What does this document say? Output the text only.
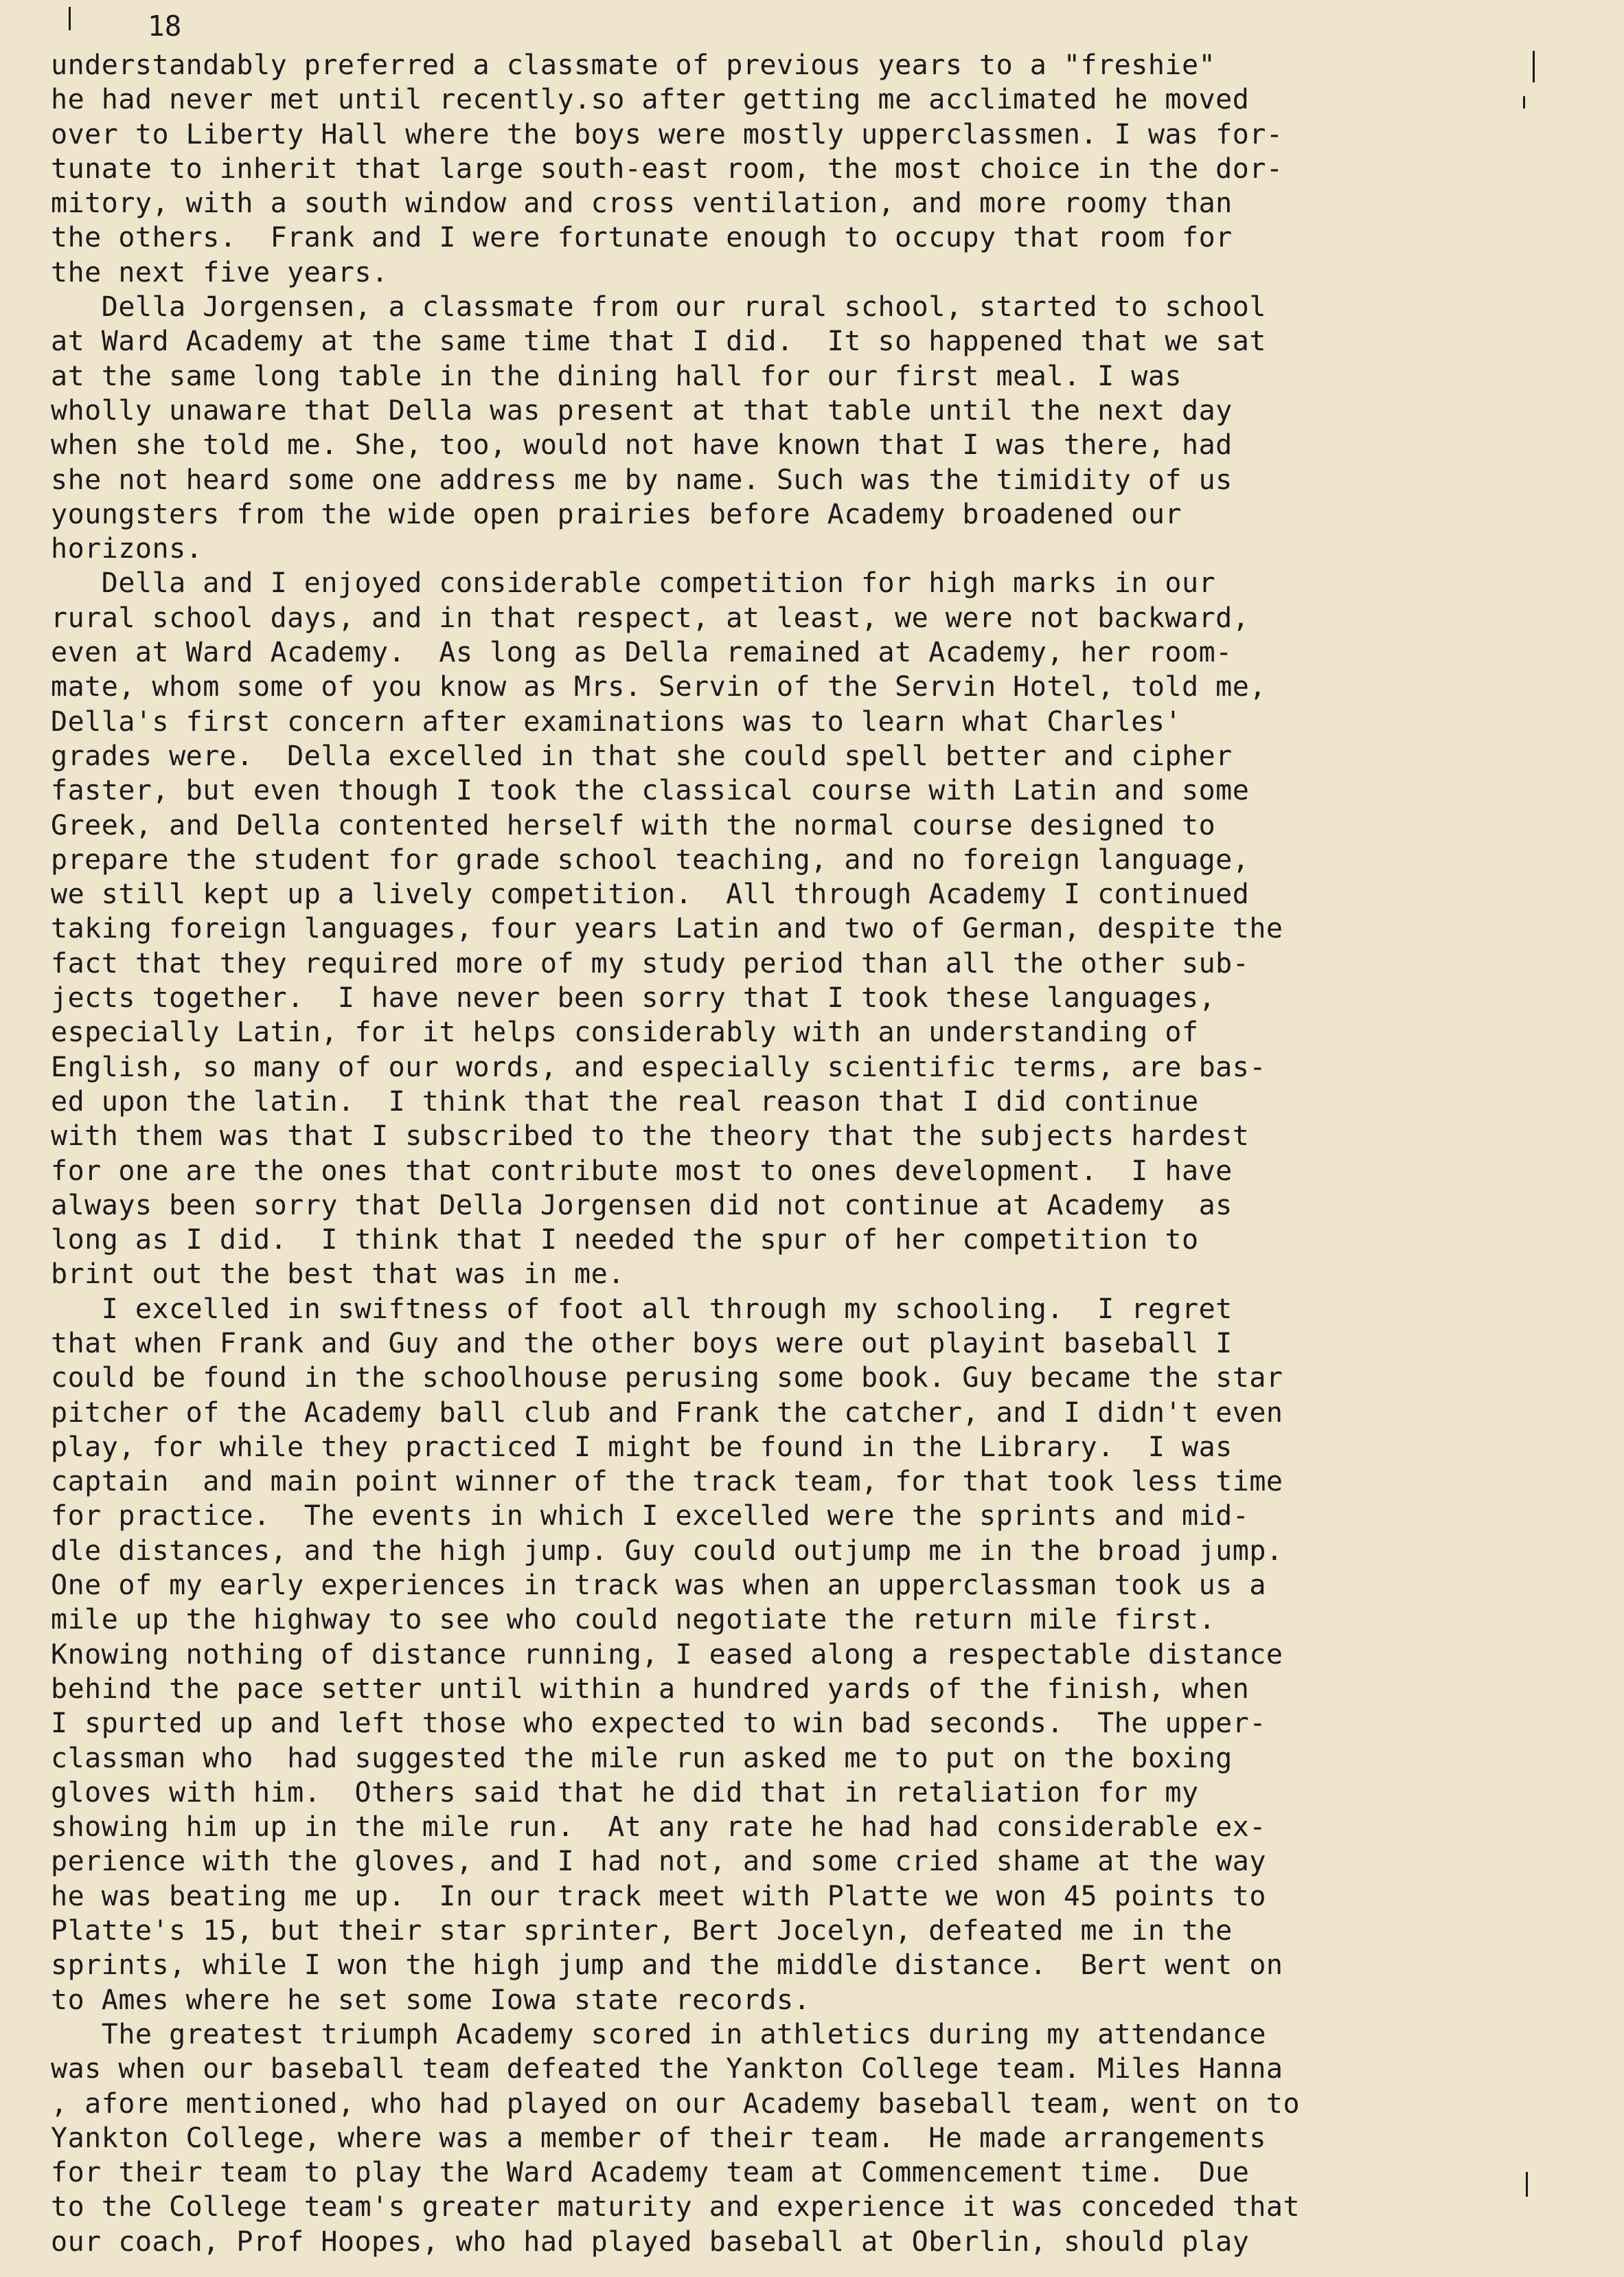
18

understandably preferred a classmate of previous years to a "freshie"

he had never met until recently.so after getting me acclimated he moved

over to Liberty Hall where the boys were mostly upperclassmen. I was for-

tunate to inherit that large south-east room, the most choice in the dor-

mitory, with a south window and cross ventilation, and more roomy than

the others.  Frank and I were fortunate enough to occupy that room for

the next five years.

Della Jorgensen, a classmate from our rural school, started to school

at Ward Academy at the same time that I did.  It so happened that we sat

at the same long table in the dining hall for our first meal. I was

wholly unaware that Della was present at that table until the next day

when she told me. She, too, would not have known that I was there, had

she not heard some one address me by name. Such was the timidity of us

youngsters from the wide open prairies before Academy broadened our

horizons.

Della and I enjoyed considerable competition for high marks in our

rural school days, and in that respect, at least, we were not backward,

even at Ward Academy.  As long as Della remained at Academy, her room-

mate, whom some of you know as Mrs. Servin of the Servin Hotel, told me,

Della's first concern after examinations was to learn what Charles'

grades were.  Della excelled in that she could spell better and cipher

faster, but even though I took the classical course with Latin and some

Greek, and Della contented herself with the normal course designed to

prepare the student for grade school teaching, and no foreign language,

we still kept up a lively competition.  All through Academy I continued

taking foreign languages, four years Latin and two of German, despite the

fact that they required more of my study period than all the other sub-

jects together.  I have never been sorry that I took these languages,

especially Latin, for it helps considerably with an understanding of

English, so many of our words, and especially scientific terms, are bas-

ed upon the latin.  I think that the real reason that I did continue

with them was that I subscribed to the theory that the subjects hardest

for one are the ones that contribute most to ones development.  I have

always been sorry that Della Jorgensen did not continue at Academy  as

long as I did.  I think that I needed the spur of her competition to

brint out the best that was in me.

I excelled in swiftness of foot all through my schooling.  I regret

that when Frank and Guy and the other boys were out playint baseball I

could be found in the schoolhouse perusing some book. Guy became the star

pitcher of the Academy ball club and Frank the catcher, and I didn't even

play, for while they practiced I might be found in the Library.  I was

captain  and main point winner of the track team, for that took less time

for practice.  The events in which I excelled were the sprints and mid-

dle distances, and the high jump. Guy could outjump me in the broad jump.

One of my early experiences in track was when an upperclassman took us a

mile up the highway to see who could negotiate the return mile first.

Knowing nothing of distance running, I eased along a respectable distance

behind the pace setter until within a hundred yards of the finish, when

I spurted up and left those who expected to win bad seconds.  The upper-

classman who  had suggested the mile run asked me to put on the boxing

gloves with him.  Others said that he did that in retaliation for my

showing him up in the mile run.  At any rate he had had considerable ex-

perience with the gloves, and I had not, and some cried shame at the way

he was beating me up.  In our track meet with Platte we won 45 points to

Platte's 15, but their star sprinter, Bert Jocelyn, defeated me in the

sprints, while I won the high jump and the middle distance.  Bert went on

to Ames where he set some Iowa state records.

The greatest triumph Academy scored in athletics during my attendance

was when our baseball team defeated the Yankton College team. Miles Hanna

, afore mentioned, who had played on our Academy baseball team, went on to

Yankton College, where was a member of their team.  He made arrangements

for their team to play the Ward Academy team at Commencement time.  Due

to the College team's greater maturity and experience it was conceded that

our coach, Prof Hoopes, who had played baseball at Oberlin, should play
